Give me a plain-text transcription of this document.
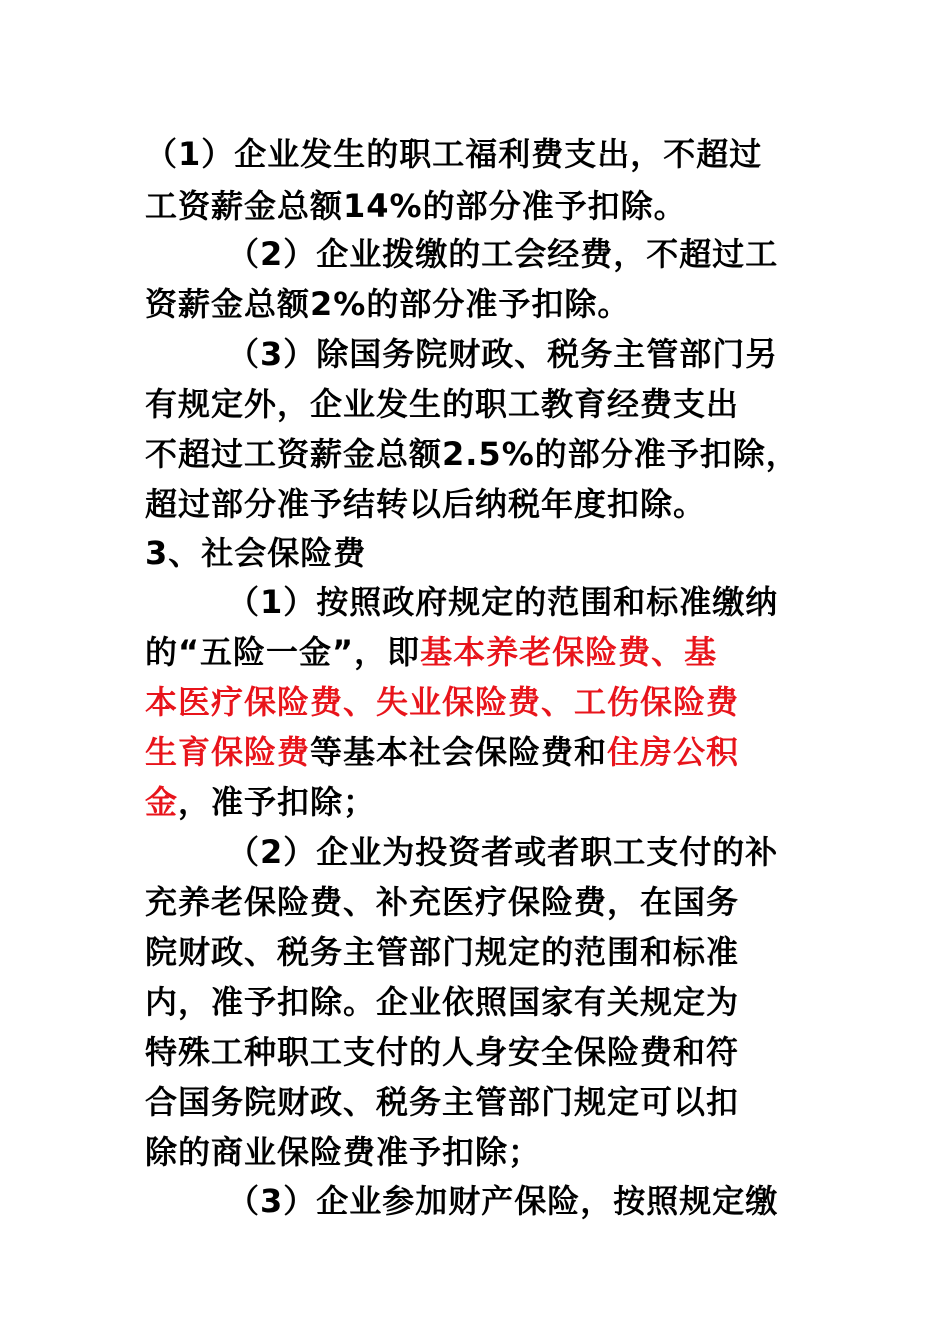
（1）企业发生的职工福利费支出，不超过
工资薪金总额14%的部分准予扣除。
（2）企业拨缴的工会经费，不超过工
资薪金总额2%的部分准予扣除。
（3）除国务院财政、税务主管部门另
有规定外，企业发生的职工教育经费支出
不超过工资薪金总额2.5%的部分准予扣除，
超过部分准予结转以后纳税年度扣除。
3、社会保险费
（1）按照政府规定的范围和标准缴纳
的“五险一金”，即基本养老保险费、基
本医疗保险费、失业保险费、工伤保险费
生育保险费等基本社会保险费和住房公积
金，准予扣除；
（2）企业为投资者或者职工支付的补
充养老保险费、补充医疗保险费，在国务
院财政、税务主管部门规定的范围和标准
内，准予扣除。企业依照国家有关规定为
特殊工种职工支付的人身安全保险费和符
合国务院财政、税务主管部门规定可以扣
除的商业保险费准予扣除；
（3）企业参加财产保险，按照规定缴
